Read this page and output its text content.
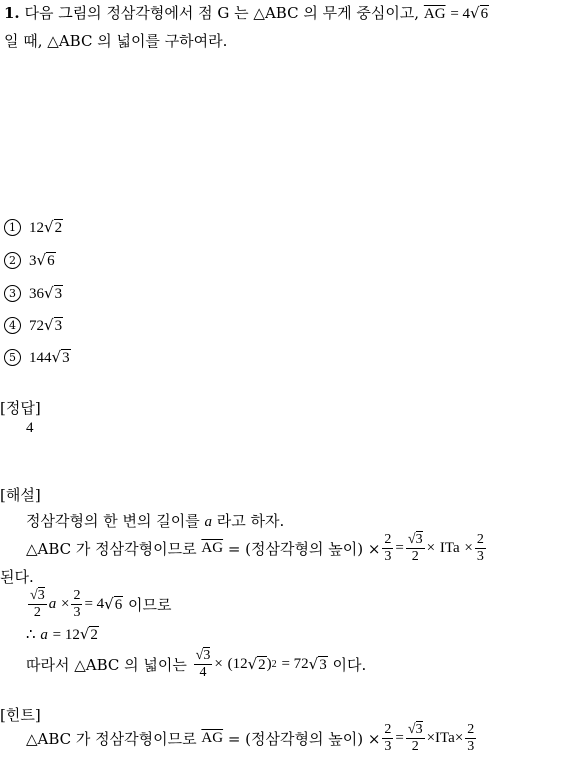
1. 다음 그림의 정삼각형에서 점 G 는 △ABC 의 무게 중심이고, $\overline{AG} = 4√6$
일 때, △ABC 의 넓이를 구하여라.
1 12√2
2 3√6
3 36√3
4 72√3
5 144√3
[정답]
4
[해설]
정삼각형의 한 변의 길이를 a 라고 하자.
△ABC 가 정삼각형이므로
$\overline{AG}$
= (정삼각형의 높이) × $\frac{2}{3} = \frac{√3}{2}$ ×
ITa
× $\frac{2}{3}$
된다.
$\frac{√3}{2}$ a
× $\frac{2}{3} = 4$ √6
이므로
∴ a = 12√2
따라서 △ABC 의 넓이는
$\frac{√3}{4}$ ×
(12 √2 ) 2
= 72 √3
이다.
[힌트]
△ABC 가 정삼각형이므로
$\overline{AG}$
= (정삼각형의 높이) × $\frac{2}{3} = \frac{√3}{2}$ × ITa × $\frac{2}{3}$
